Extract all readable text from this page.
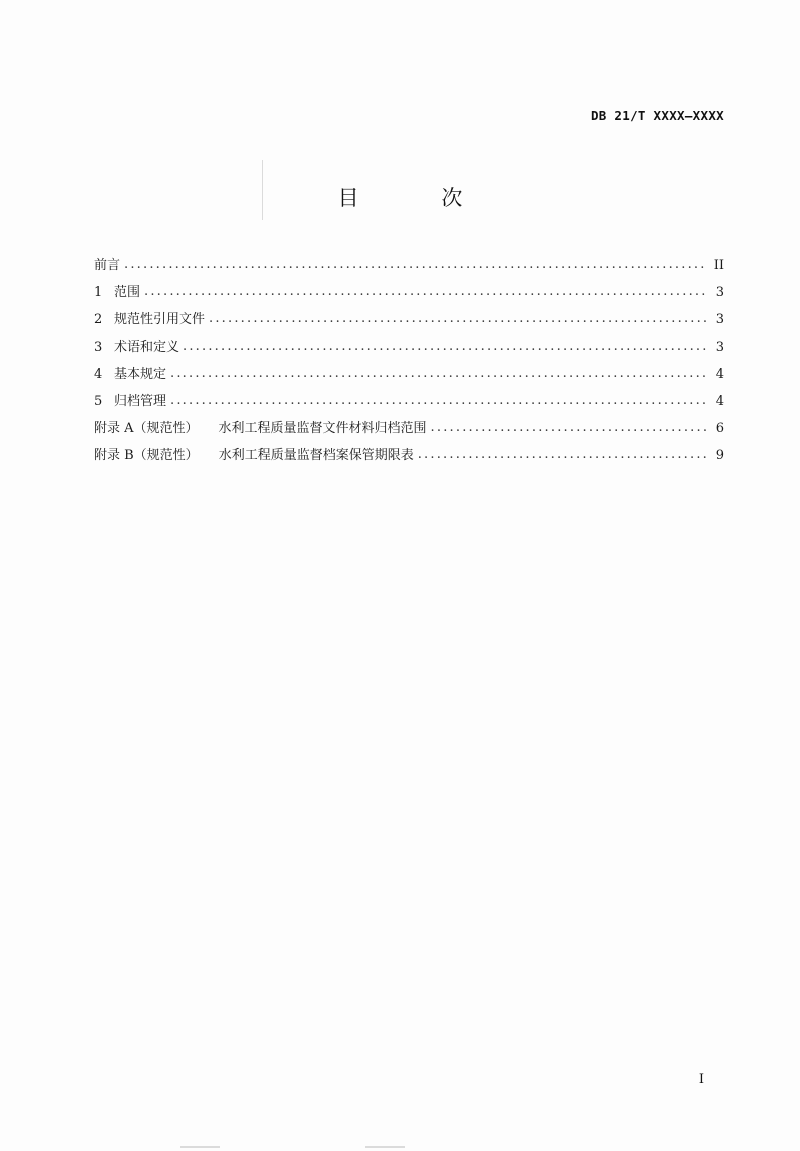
DB 21/T XXXX—XXXX
目 次
前言 .....	II
1 范围 .....	3
2 规范性引用文件 .....	3
3 术语和定义 .....	3
4 基本规定 .....	4
5 归档管理 .....	4
附录 A（规范性） 水利工程质量监督文件材料归档范围 .....	6
附录 B（规范性） 水利工程质量监督档案保管期限表 .....	9
I
